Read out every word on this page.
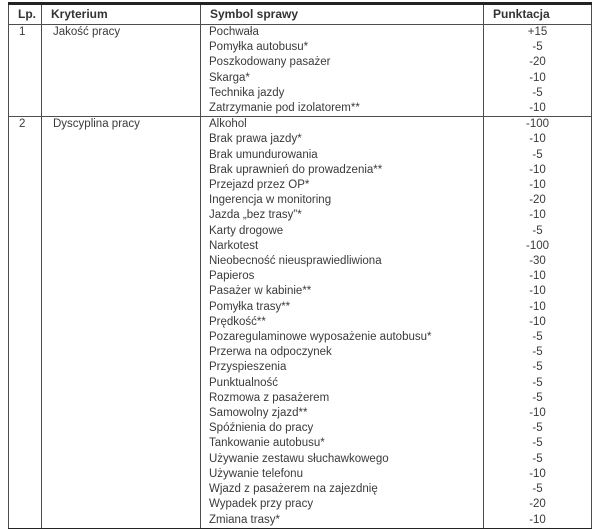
Lp.	Kryterium	Symbol sprawy	Punktacja
1	Jakość pracy	Pochwała	+15
		Pomyłka autobusu*	-5
		Poszkodowany pasażer	-20
		Skarga*	-10
		Technika jazdy	-5
		Zatrzymanie pod izolatorem**	-10
2	Dyscyplina pracy	Alkohol	-100
		Brak prawa jazdy*	-10
		Brak umundurowania	-5
		Brak uprawnień do prowadzenia**	-10
		Przejazd przez OP*	-10
		Ingerencja w monitoring	-20
		Jazda „bez trasy”*	-10
		Karty drogowe	-5
		Narkotest	-100
		Nieobecność nieusprawiedliwiona	-30
		Papieros	-10
		Pasażer w kabinie**	-10
		Pomyłka trasy**	-10
		Prędkość**	-10
		Pozaregulaminowe wyposażenie autobusu*	-5
		Przerwa na odpoczynek	-5
		Przyspieszenia	-5
		Punktualność	-5
		Rozmowa z pasażerem	-5
		Samowolny zjazd**	-10
		Spóźnienia do pracy	-5
		Tankowanie autobusu*	-5
		Używanie zestawu słuchawkowego	-5
		Używanie telefonu	-10
		Wjazd z pasażerem na zajezdnię	-5
		Wypadek przy pracy	-20
		Zmiana trasy*	-10
